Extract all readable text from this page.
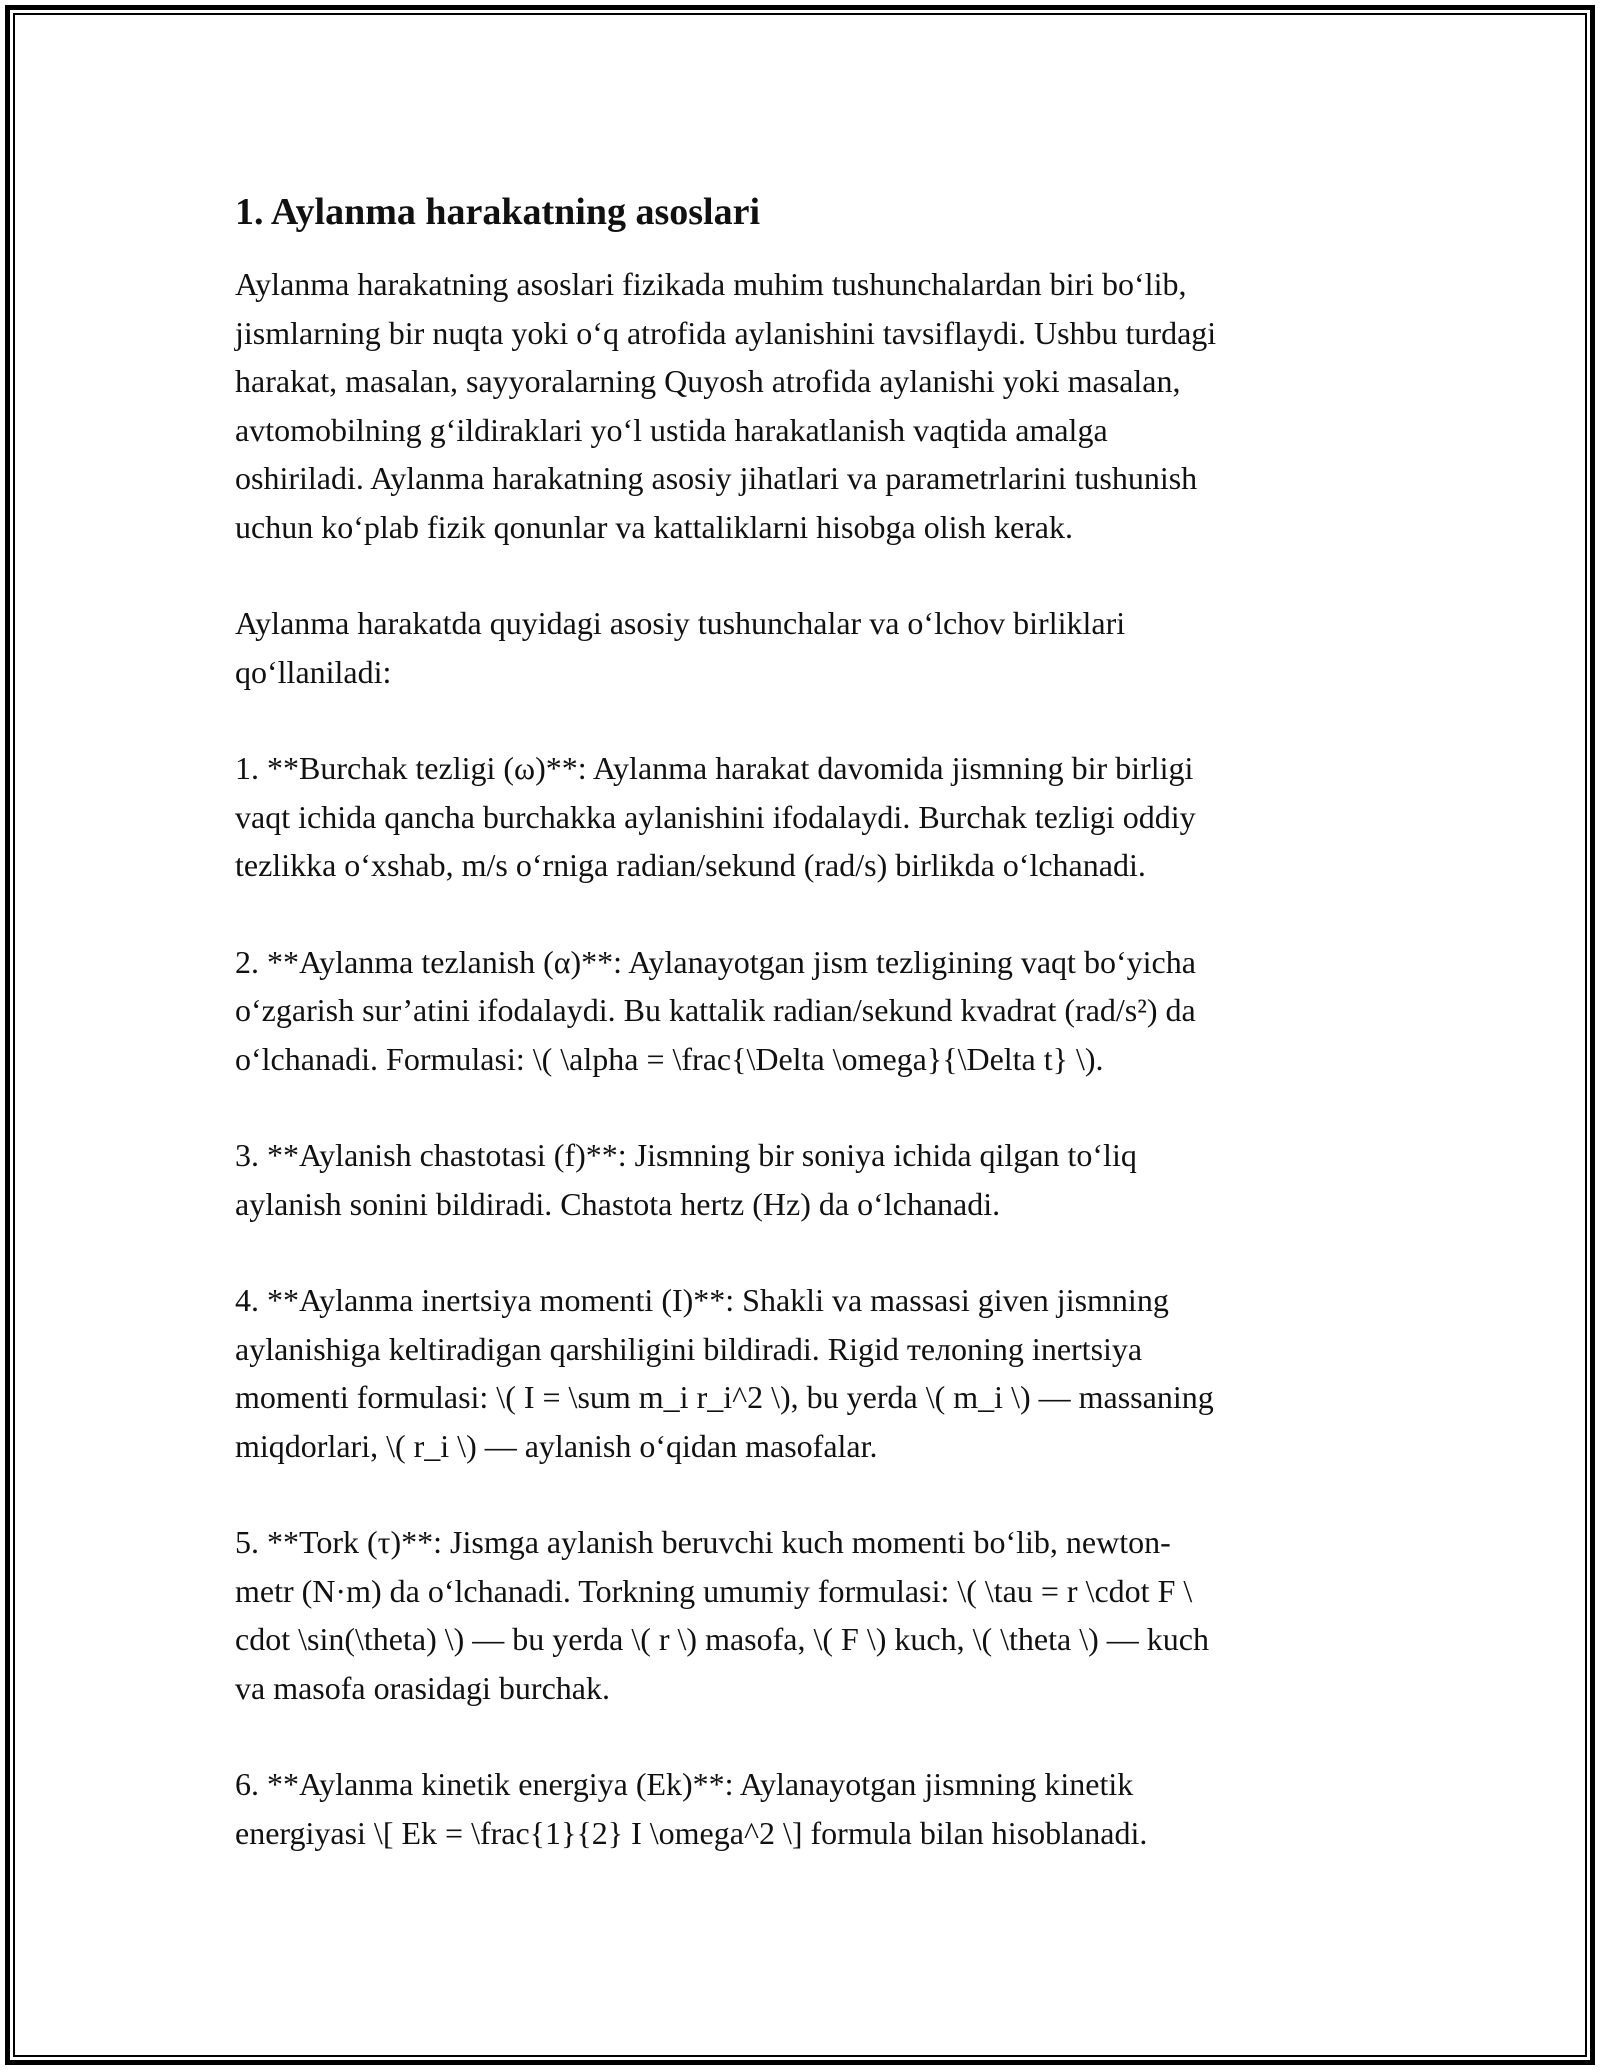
1. Aylanma harakatning asoslari

Aylanma harakatning asoslari fizikada muhim tushunchalardan biri bo‘lib,
jismlarning bir nuqta yoki o‘q atrofida aylanishini tavsiflaydi. Ushbu turdagi
harakat, masalan, sayyoralarning Quyosh atrofida aylanishi yoki masalan,
avtomobilning g‘ildiraklari yo‘l ustida harakatlanish vaqtida amalga
oshiriladi. Aylanma harakatning asosiy jihatlari va parametrlarini tushunish
uchun ko‘plab fizik qonunlar va kattaliklarni hisobga olish kerak.

Aylanma harakatda quyidagi asosiy tushunchalar va o‘lchov birliklari
qo‘llaniladi:

1. **Burchak tezligi (ω)**: Aylanma harakat davomida jismning bir birligi
vaqt ichida qancha burchakka aylanishini ifodalaydi. Burchak tezligi oddiy
tezlikka o‘xshab, m/s o‘rniga radian/sekund (rad/s) birlikda o‘lchanadi.

2. **Aylanma tezlanish (α)**: Aylanayotgan jism tezligining vaqt bo‘yicha
o‘zgarish sur’atini ifodalaydi. Bu kattalik radian/sekund kvadrat (rad/s²) da
o‘lchanadi. Formulasi: \( \alpha = \frac{\Delta \omega}{\Delta t} \).

3. **Aylanish chastotasi (f)**: Jismning bir soniya ichida qilgan to‘liq
aylanish sonini bildiradi. Chastota hertz (Hz) da o‘lchanadi.

4. **Aylanma inertsiya momenti (I)**: Shakli va massasi given jismning
aylanishiga keltiradigan qarshiligini bildiradi. Rigid телоning inertsiya
momenti formulasi: \( I = \sum m_i r_i^2 \), bu yerda \( m_i \) — massaning
miqdorlari, \( r_i \) — aylanish o‘qidan masofalar.

5. **Tork (τ)**: Jismga aylanish beruvchi kuch momenti bo‘lib, newton-
metr (N·m) da o‘lchanadi. Torkning umumiy formulasi: \( \tau = r \cdot F \
cdot \sin(\theta) \) — bu yerda \( r \) masofa, \( F \) kuch, \( \theta \) — kuch
va masofa orasidagi burchak.

6. **Aylanma kinetik energiya (Ek)**: Aylanayotgan jismning kinetik
energiyasi \[ Ek = \frac{1}{2} I \omega^2 \] formula bilan hisoblanadi.
